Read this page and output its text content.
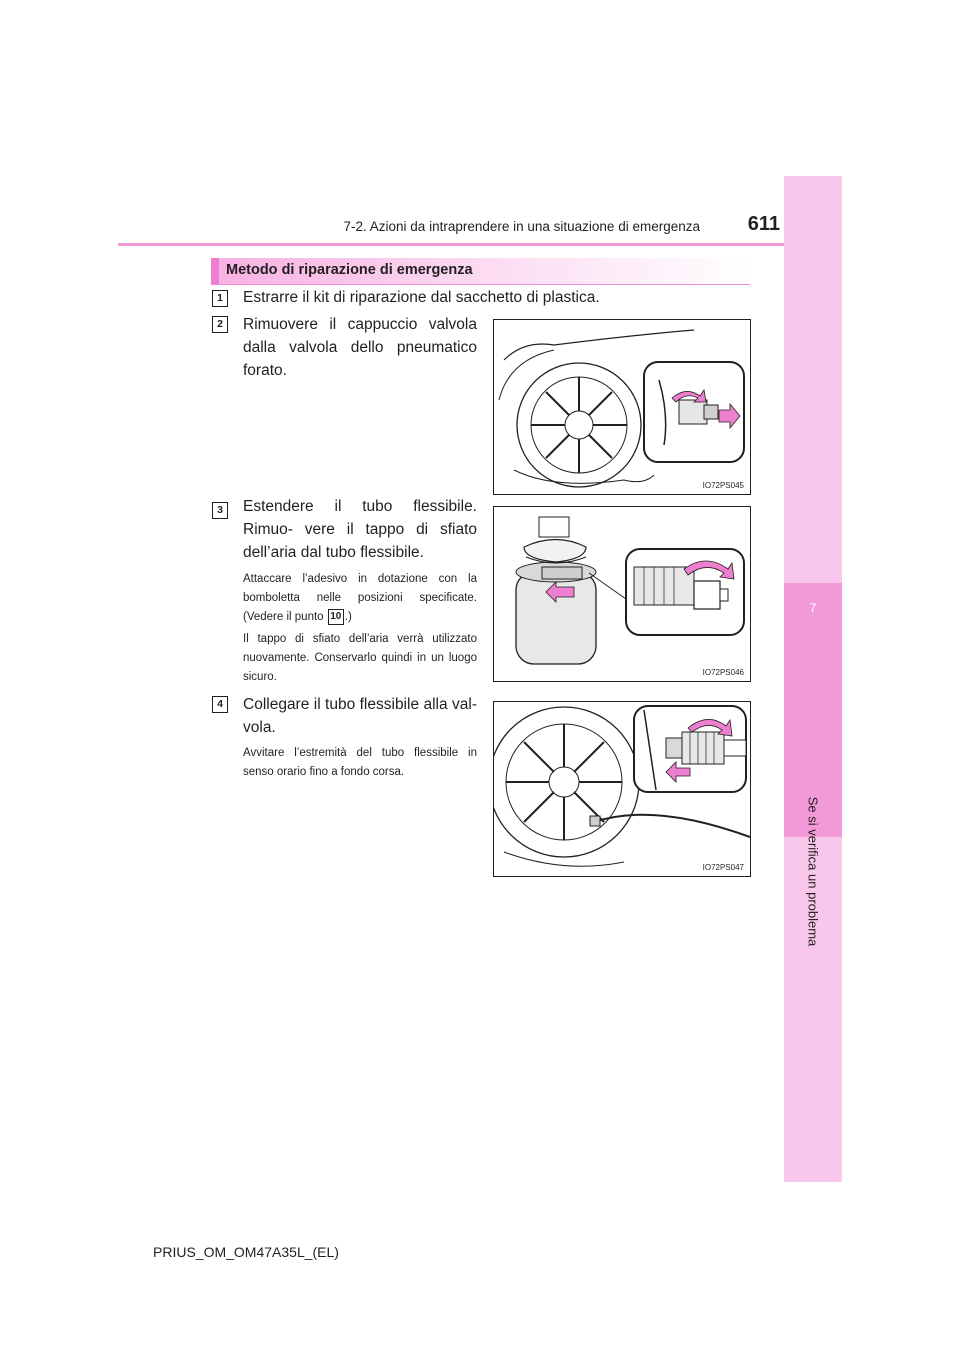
7-2. Azioni da intraprendere in una situazione di emergenza	611
7
Se si verifica un problema
Metodo di riparazione di emergenza
1	Estrarre il kit di riparazione dal sacchetto di plastica.
2	Rimuovere il cappuccio valvola dalla valvola dello pneumatico forato.
IO72PS045
3	Estendere il tubo flessibile. Rimuo- vere il tappo di sfiato dell’aria dal tubo flessibile.
Attaccare l’adesivo in dotazione con la bomboletta nelle posizioni specificate. (Vedere il punto 10 .)
Il tappo di sfiato dell’aria verrà utilizzato nuovamente. Conservarlo quindi in un luogo sicuro.	IO72PS046
4	Collegare il tubo flessibile alla val- vola.
Avvitare l’estremità del tubo flessibile in senso orario fino a fondo corsa.
IO72PS047
PRIUS_OM_OM47A35L_(EL)
